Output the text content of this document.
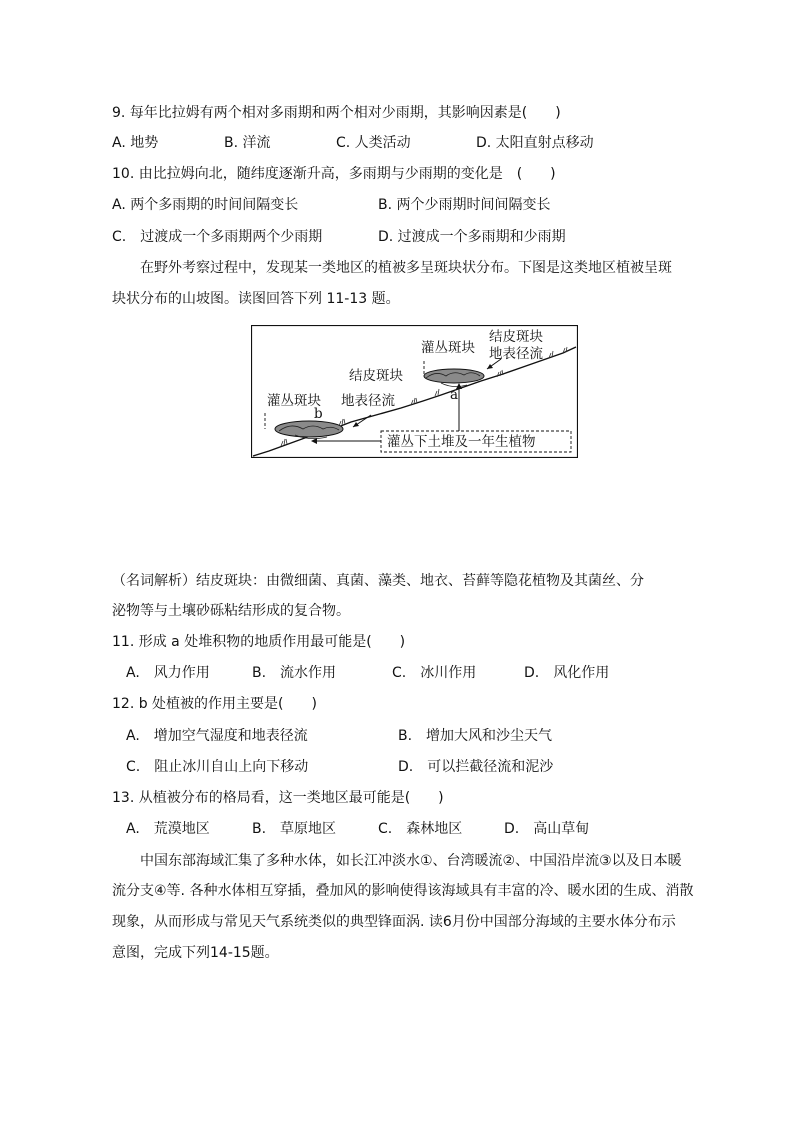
9. 每年比拉姆有两个相对多雨期和两个相对少雨期，其影响因素是(　　)
A. 地势	B. 洋流	C. 人类活动	D. 太阳直射点移动
10. 由比拉姆向北，随纬度逐渐升高，多雨期与少雨期的变化是　(　　)
A. 两个多雨期的时间间隔变长	B. 两个少雨期时间间隔变长
C.　过渡成一个多雨期两个少雨期	D. 过渡成一个多雨期和少雨期
在野外考察过程中，发现某一类地区的植被多呈斑块状分布。下图是这类地区植被呈斑
块状分布的山坡图。读图回答下列 11-13 题。
灌丛斑块
结皮斑块
地表径流
结皮斑块
灌丛斑块 地表径流	a
b
灌丛下土堆及一年生植物
（名词解析）结皮斑块：由微细菌、真菌、藻类、地衣、苔藓等隐花植物及其菌丝、分
泌物等与土壤砂砾粘结形成的复合物。
11. 形成 a 处堆积物的地质作用最可能是(　　)
A.　风力作用	B.　流水作用	C.　冰川作用	D.　风化作用
12. b 处植被的作用主要是(　　)
A.　增加空气湿度和地表径流	B.　增加大风和沙尘天气
C.　阻止冰川自山上向下移动	D.　可以拦截径流和泥沙
13. 从植被分布的格局看，这一类地区最可能是(　　)
A.　荒漠地区	B.　草原地区	C.　森林地区	D.　高山草甸
中国东部海域汇集了多种水体，如长江冲淡水①、台湾暖流②、中国沿岸流③以及日本暖
流分支④等. 各种水体相互穿插，叠加风的影响使得该海域具有丰富的冷、暖水团的生成、消散
现象，从而形成与常见天气系统类似的典型锋面涡. 读6月份中国部分海域的主要水体分布示
意图，完成下列14-15题。
